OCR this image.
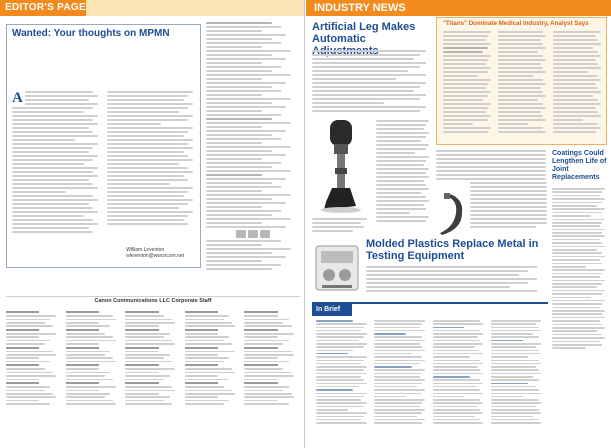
EDITOR'S PAGE
Wanted: Your thoughts on MPMN
A
William Leventon
wleventon@wwcncom.net
Canon Communications LLC Corporate Staff
INDUSTRY NEWS
Artificial Leg Makes Automatic
"Titans" Dominate Medical Industry, Analyst Says
Coatings Could Lengthen Life of Joint Replacements
Molded Plastics Replace Metal in Testing Equipment
In Brief
